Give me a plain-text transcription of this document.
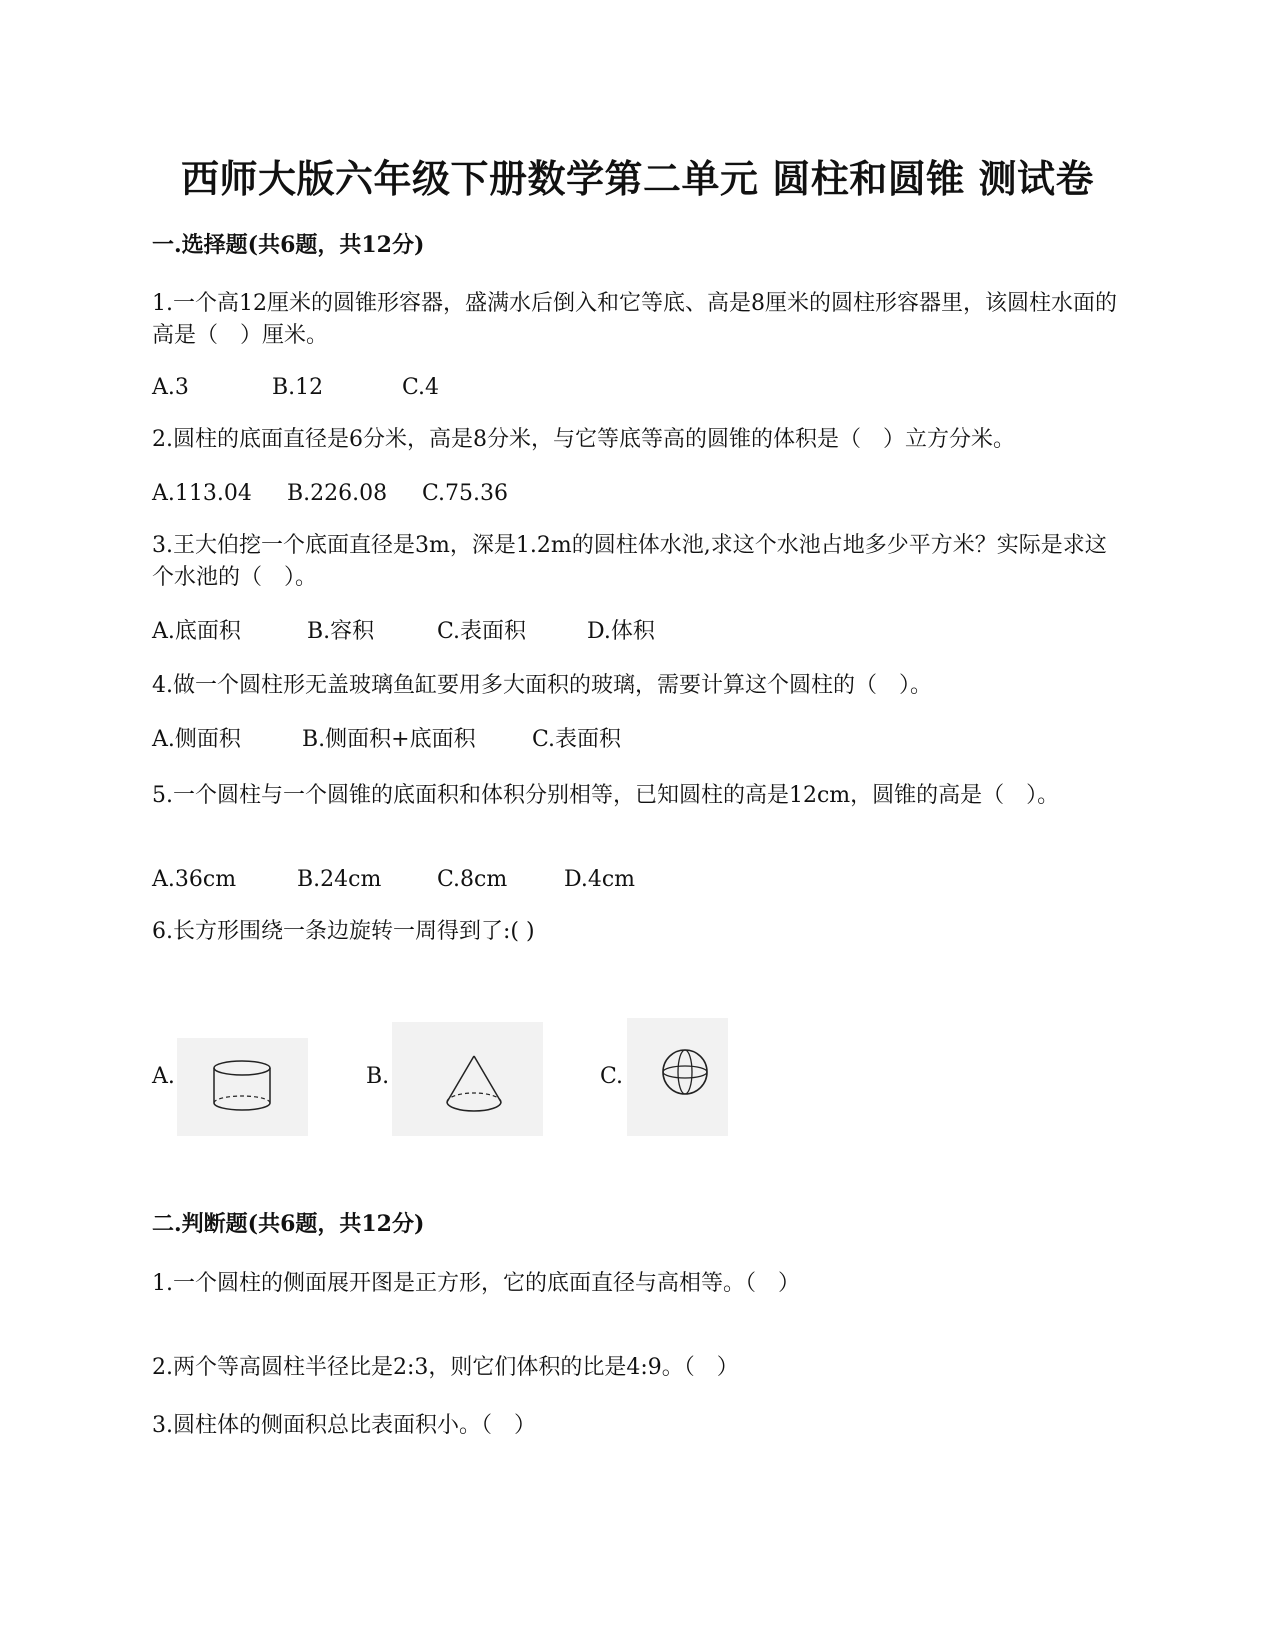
西师大版六年级下册数学第二单元 圆柱和圆锥 测试卷
一.选择题(共6题，共12分)
1.一个高12厘米的圆锥形容器，盛满水后倒入和它等底、高是8厘米的圆柱形容器里，该圆柱水面的高是（　）厘米。
A.3	B.12	C.4
2.圆柱的底面直径是6分米，高是8分米，与它等底等高的圆锥的体积是（　）立方分米。
A.113.04 B.226.08 C.75.36
3.王大伯挖一个底面直径是3m，深是1.2m的圆柱体水池,求这个水池占地多少平方米？实际是求这个水池的（　）。
A.底面积	B.容积	C.表面积	D.体积
4.做一个圆柱形无盖玻璃鱼缸要用多大面积的玻璃，需要计算这个圆柱的（　）。
A.侧面积	B.侧面积+底面积	C.表面积
5.一个圆柱与一个圆锥的底面积和体积分别相等，已知圆柱的高是12cm，圆锥的高是（　）。
A.36cm	B.24cm	C.8cm	D.4cm
6.长方形围绕一条边旋转一周得到了:( )
A.	B.	C.
二.判断题(共6题，共12分)
1.一个圆柱的侧面展开图是正方形，它的底面直径与高相等。（　）
2.两个等高圆柱半径比是2:3，则它们体积的比是4:9。（　）
3.圆柱体的侧面积总比表面积小。（　）
